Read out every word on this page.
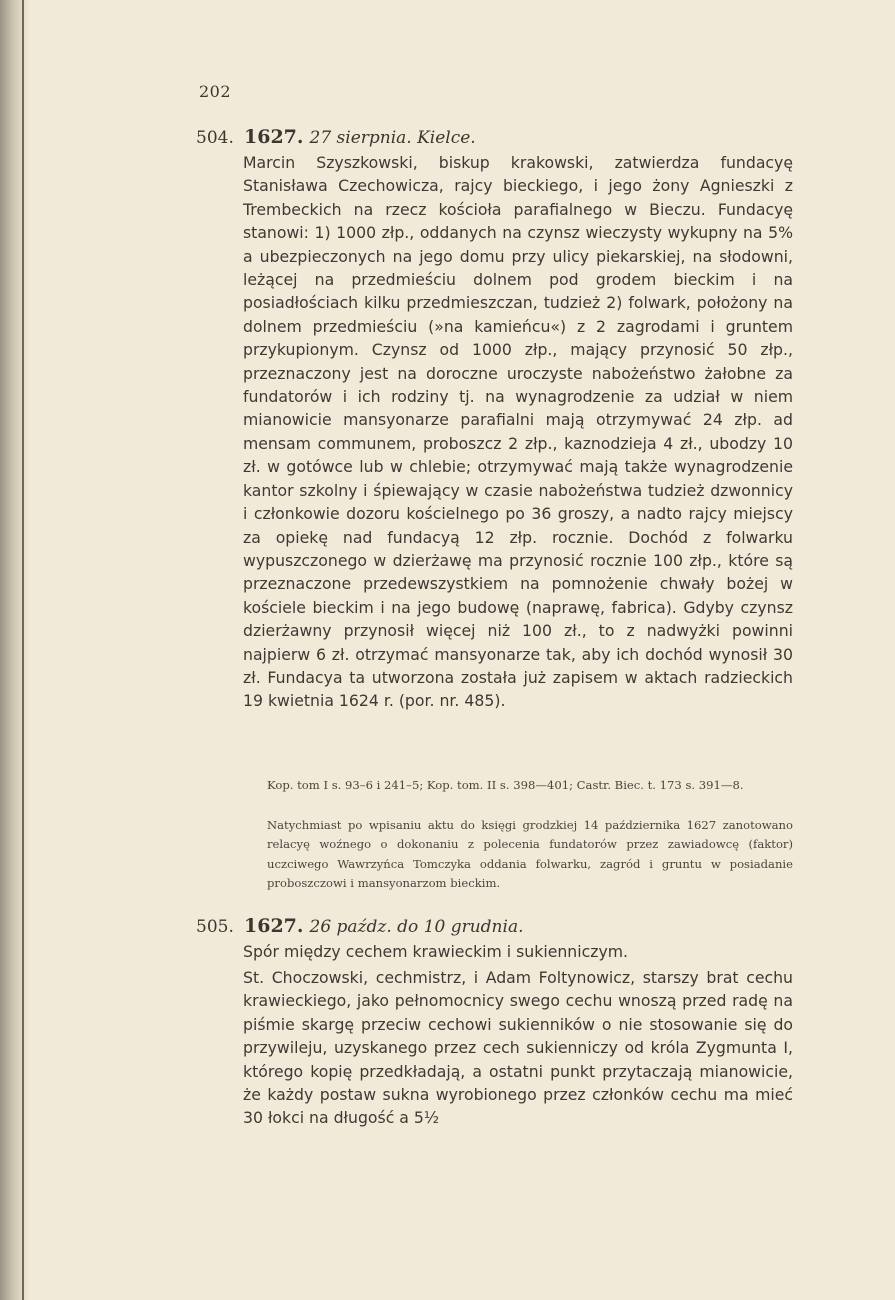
202
504. 1627. 27 sierpnia. Kielce.

Marcin Szyszkowski, biskup krakowski, zatwierdza fundacyę Stanisława Czechowicza, rajcy bieckiego, i jego żony Agnieszki z Trembeckich na rzecz kościoła parafialnego w Bieczu. Fundacyę stanowi: 1) 1000 złp., oddanych na czynsz wieczysty wykupny na 5% a ubezpieczonych na jego domu przy ulicy piekarskiej, na słodowni, leżącej na przedmieściu dolnem pod grodem bieckim i na posiadłościach kilku przedmieszczan, tudzież 2) folwark, położony na dolnem przedmieściu (»na kamieńcu«) z 2 zagrodami i gruntem przykupionym. Czynsz od 1000 złp., mający przynosić 50 złp., przeznaczony jest na doroczne uroczyste nabożeństwo żałobne za fundatorów i ich rodziny tj. na wynagrodzenie za udział w niem mianowicie mansyonarze parafialni mają otrzymywać 24 złp. ad mensam communem, proboszcz 2 złp., kaznodzieja 4 zł., ubodzy 10 zł. w gotówce lub w chlebie; otrzymywać mają także wynagrodzenie kantor szkolny i śpiewający w czasie nabożeństwa tudzież dzwonnicy i członkowie dozoru kościelnego po 36 groszy, a nadto rajcy miejscy za opiekę nad fundacyą 12 złp. rocznie. Dochód z folwarku wypuszczonego w dzierżawę ma przynosić rocznie 100 złp., które są przeznaczone przedewszystkiem na pomnożenie chwały bożej w kościele bieckim i na jego budowę (naprawę, fabrica). Gdyby czynsz dzierżawny przynosił więcej niż 100 zł., to z nadwyżki powinni najpierw 6 zł. otrzymać mansyonarze tak, aby ich dochód wynosił 30 zł. Fundacya ta utworzona została już zapisem w aktach radzieckich 19 kwietnia 1624 r. (por. nr. 485).

Kop. tom I s. 93–6 i 241–5; Kop. tom. II s. 398—401; Castr. Biec. t. 173 s. 391—8.

Natychmiast po wpisaniu aktu do księgi grodzkiej 14 października 1627 zanotowano relacyę woźnego o dokonaniu z polecenia fundatorów przez zawiadowcę (faktor) uczciwego Wawrzyńca Tomczyka oddania folwarku, zagród i gruntu w posiadanie proboszczowi i mansyonarzom bieckim.

505. 1627. 26 paźdz. do 10 grudnia.

Spór między cechem krawieckim i sukienniczym.

St. Choczowski, cechmistrz, i Adam Foltynowicz, starszy brat cechu krawieckiego, jako pełnomocnicy swego cechu wnoszą przed radę na piśmie skargę przeciw cechowi sukienników o nie stosowanie się do przywileju, uzyskanego przez cech sukienniczy od króla Zygmunta I, którego kopię przedkładają, a ostatni punkt przytaczają mianowicie, że każdy postaw sukna wyrobionego przez członków cechu ma mieć 30 łokci na długość a 5½
